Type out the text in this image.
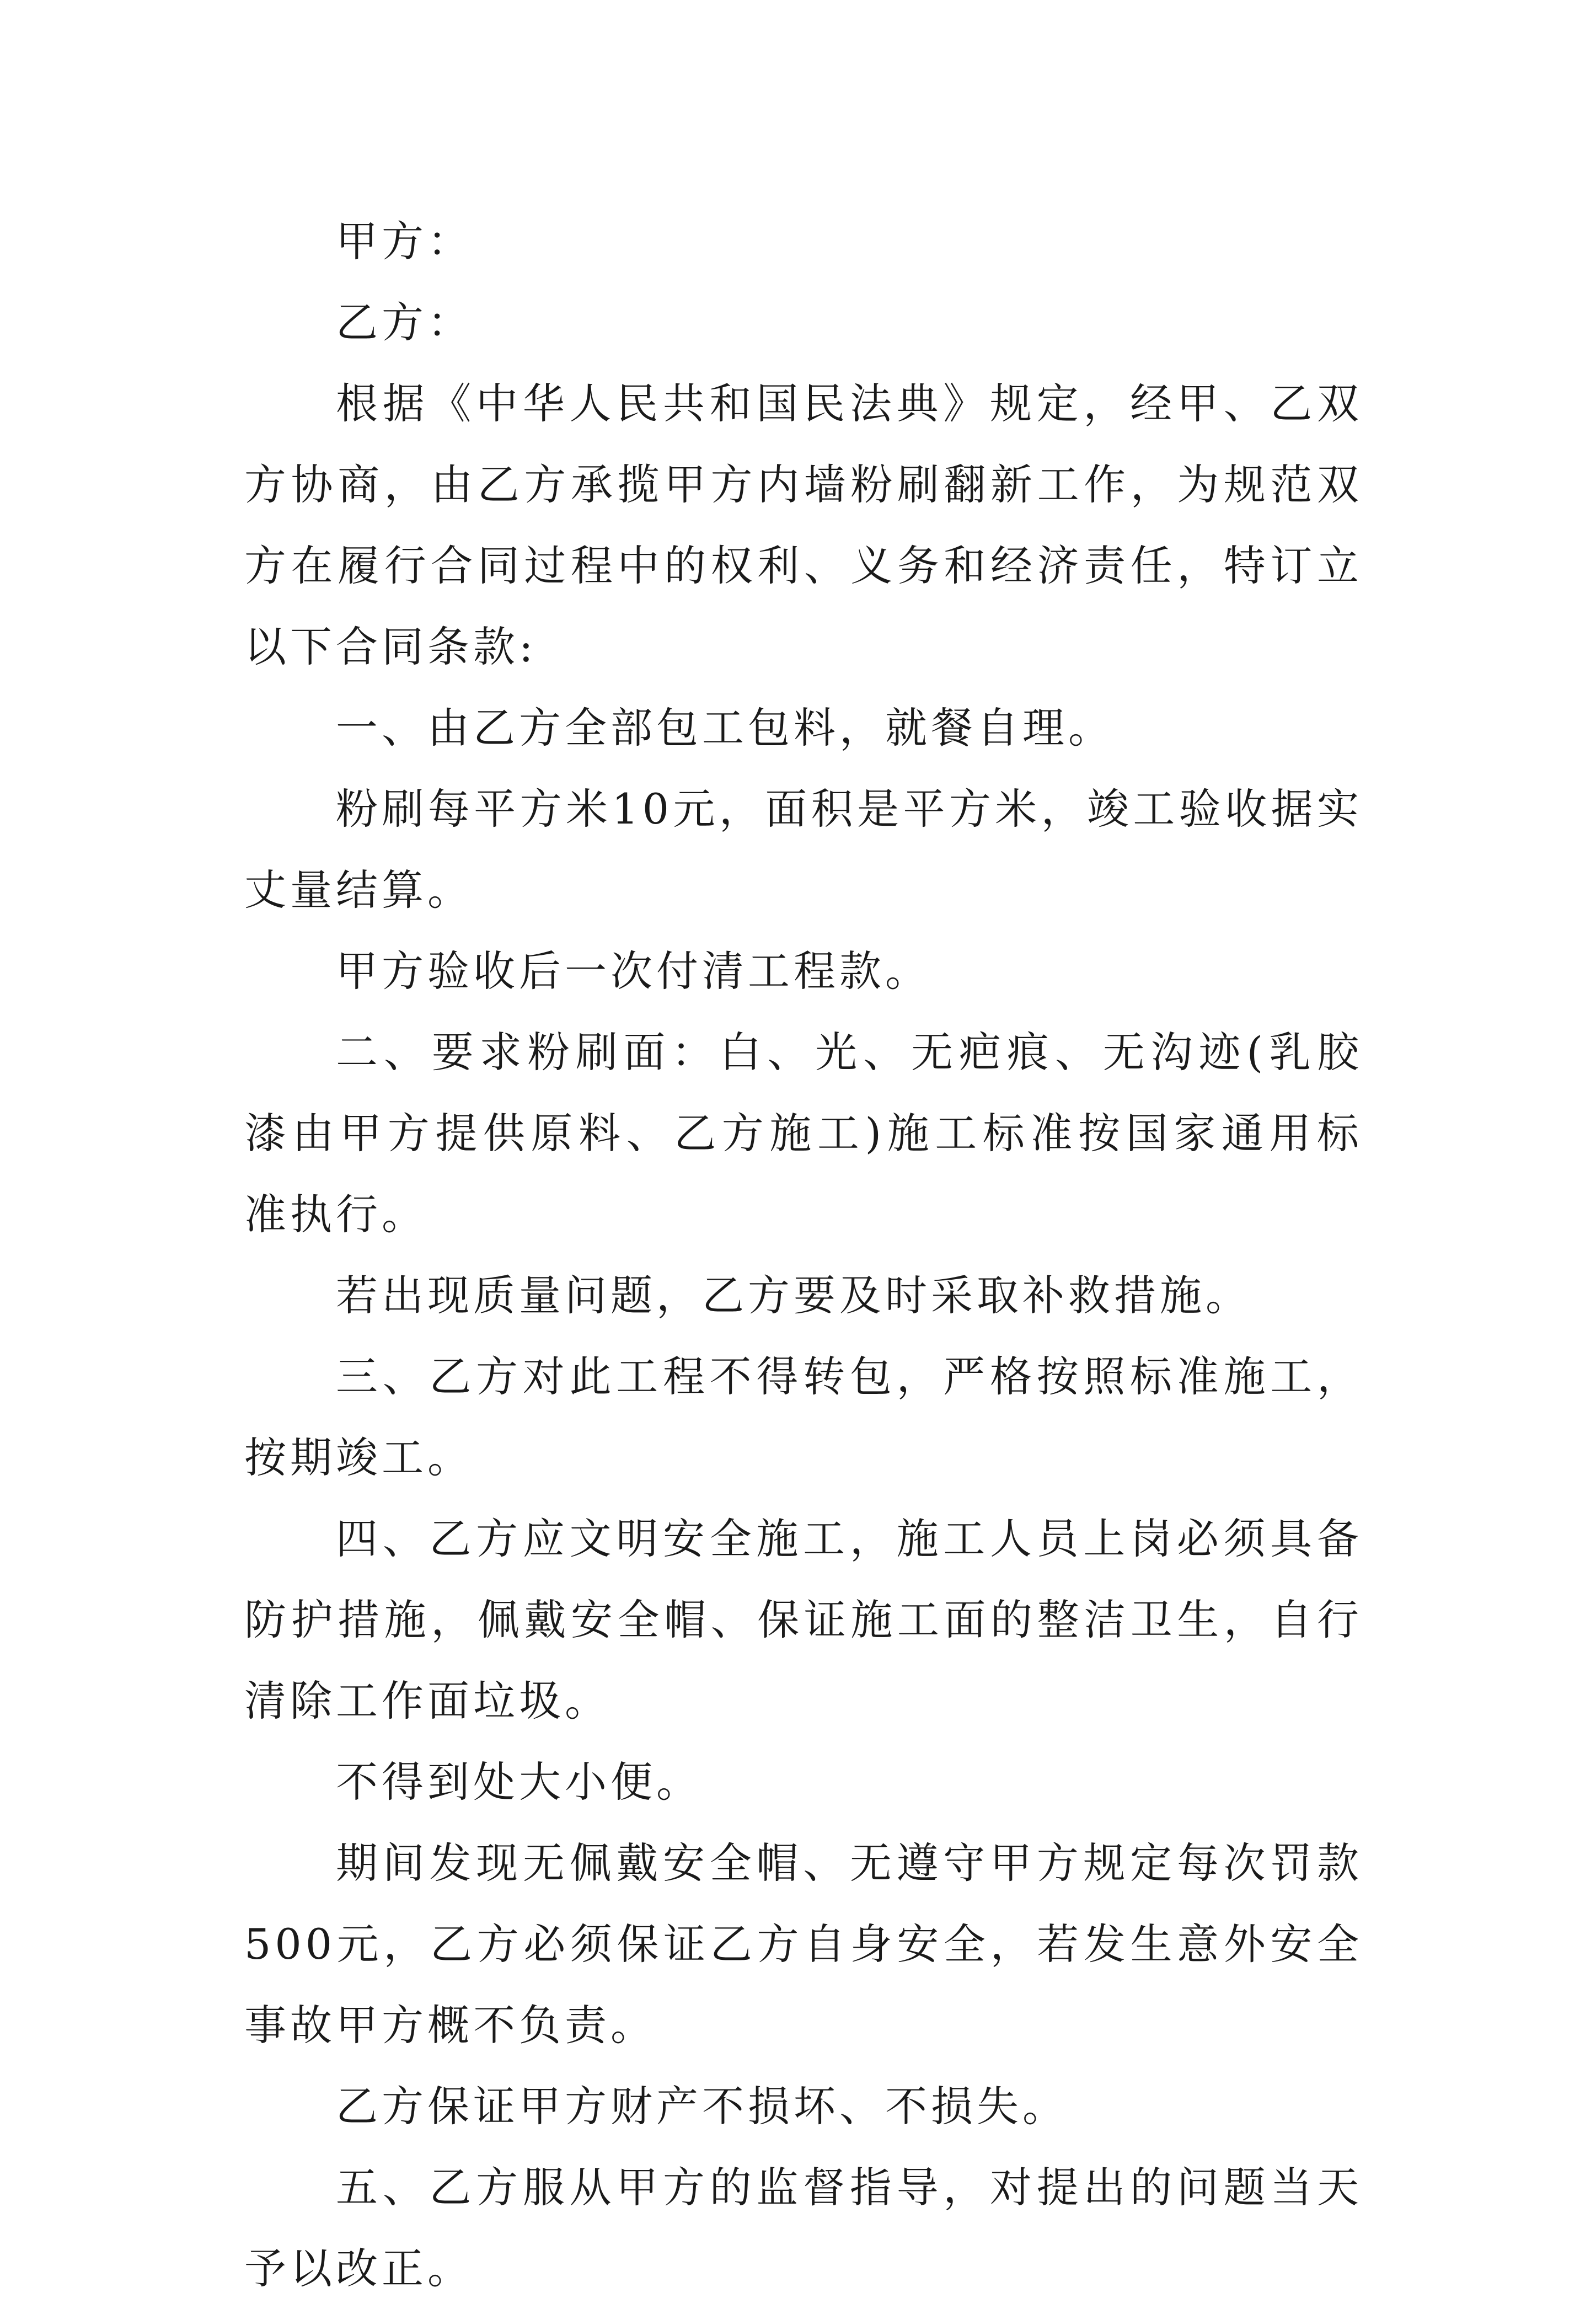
甲方：

乙方：

根据《中华人民共和国民法典》规定，经甲、乙双方协商，由乙方承揽甲方内墙粉刷翻新工作，为规范双方在履行合同过程中的权利、义务和经济责任，特订立以下合同条款:

一、由乙方全部包工包料，就餐自理。

粉刷每平方米10元，面积是平方米，竣工验收据实丈量结算。

甲方验收后一次付清工程款。

二、要求粉刷面：白、光、无疤痕、无沟迹(乳胶漆由甲方提供原料、乙方施工)施工标准按国家通用标准执行。

若出现质量问题，乙方要及时采取补救措施。

三、乙方对此工程不得转包，严格按照标准施工，按期竣工。

四、乙方应文明安全施工，施工人员上岗必须具备防护措施，佩戴安全帽、保证施工面的整洁卫生，自行清除工作面垃圾。

不得到处大小便。

期间发现无佩戴安全帽、无遵守甲方规定每次罚款500元，乙方必须保证乙方自身安全，若发生意外安全事故甲方概不负责。

乙方保证甲方财产不损坏、不损失。

五、乙方服从甲方的监督指导，对提出的问题当天予以改正。
